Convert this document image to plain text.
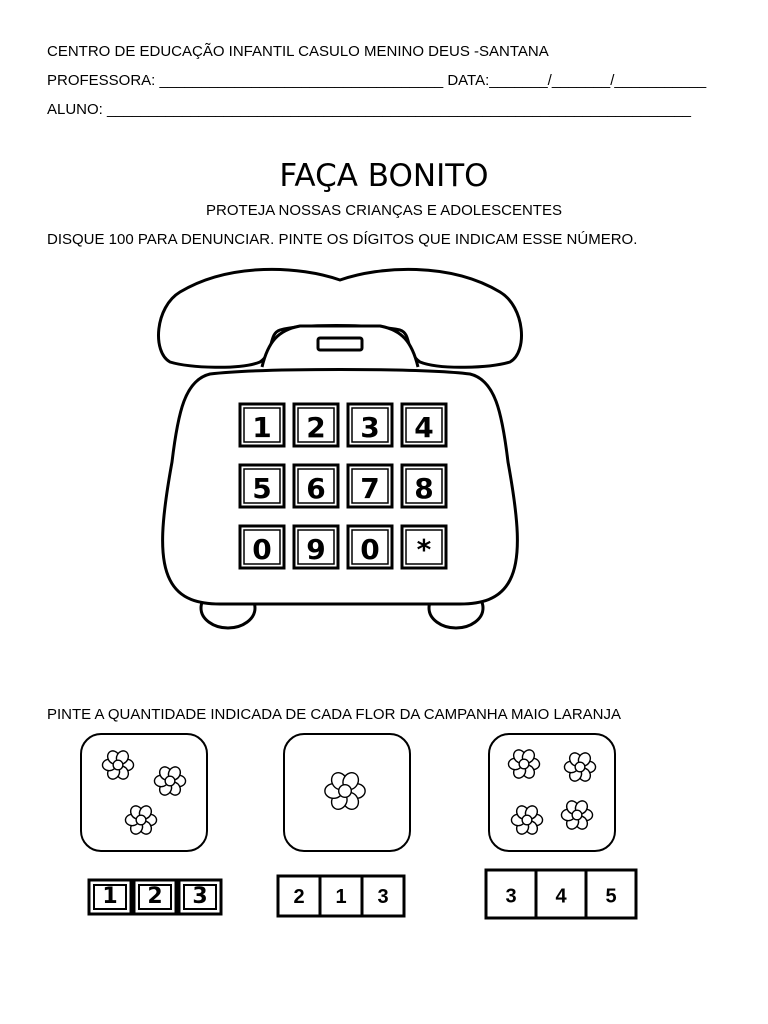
CENTRO DE EDUCAÇÃO INFANTIL CASULO MENINO DEUS -SANTANA
PROFESSORA: __________________________________ DATA:_______/_______/___________
ALUNO: ______________________________________________________________________
FAÇA BONITO
PROTEJA NOSSAS CRIANÇAS E ADOLESCENTES
DISQUE 100 PARA DENUNCIAR. PINTE OS DÍGITOS QUE INDICAM ESSE NÚMERO.
1 2 3 4
5 6 7 8
0 9 0 *
PINTE A QUANTIDADE INDICADA DE CADA FLOR DA CAMPANHA MAIO LARANJA
1 2 3	2 1 3	3 4 5
